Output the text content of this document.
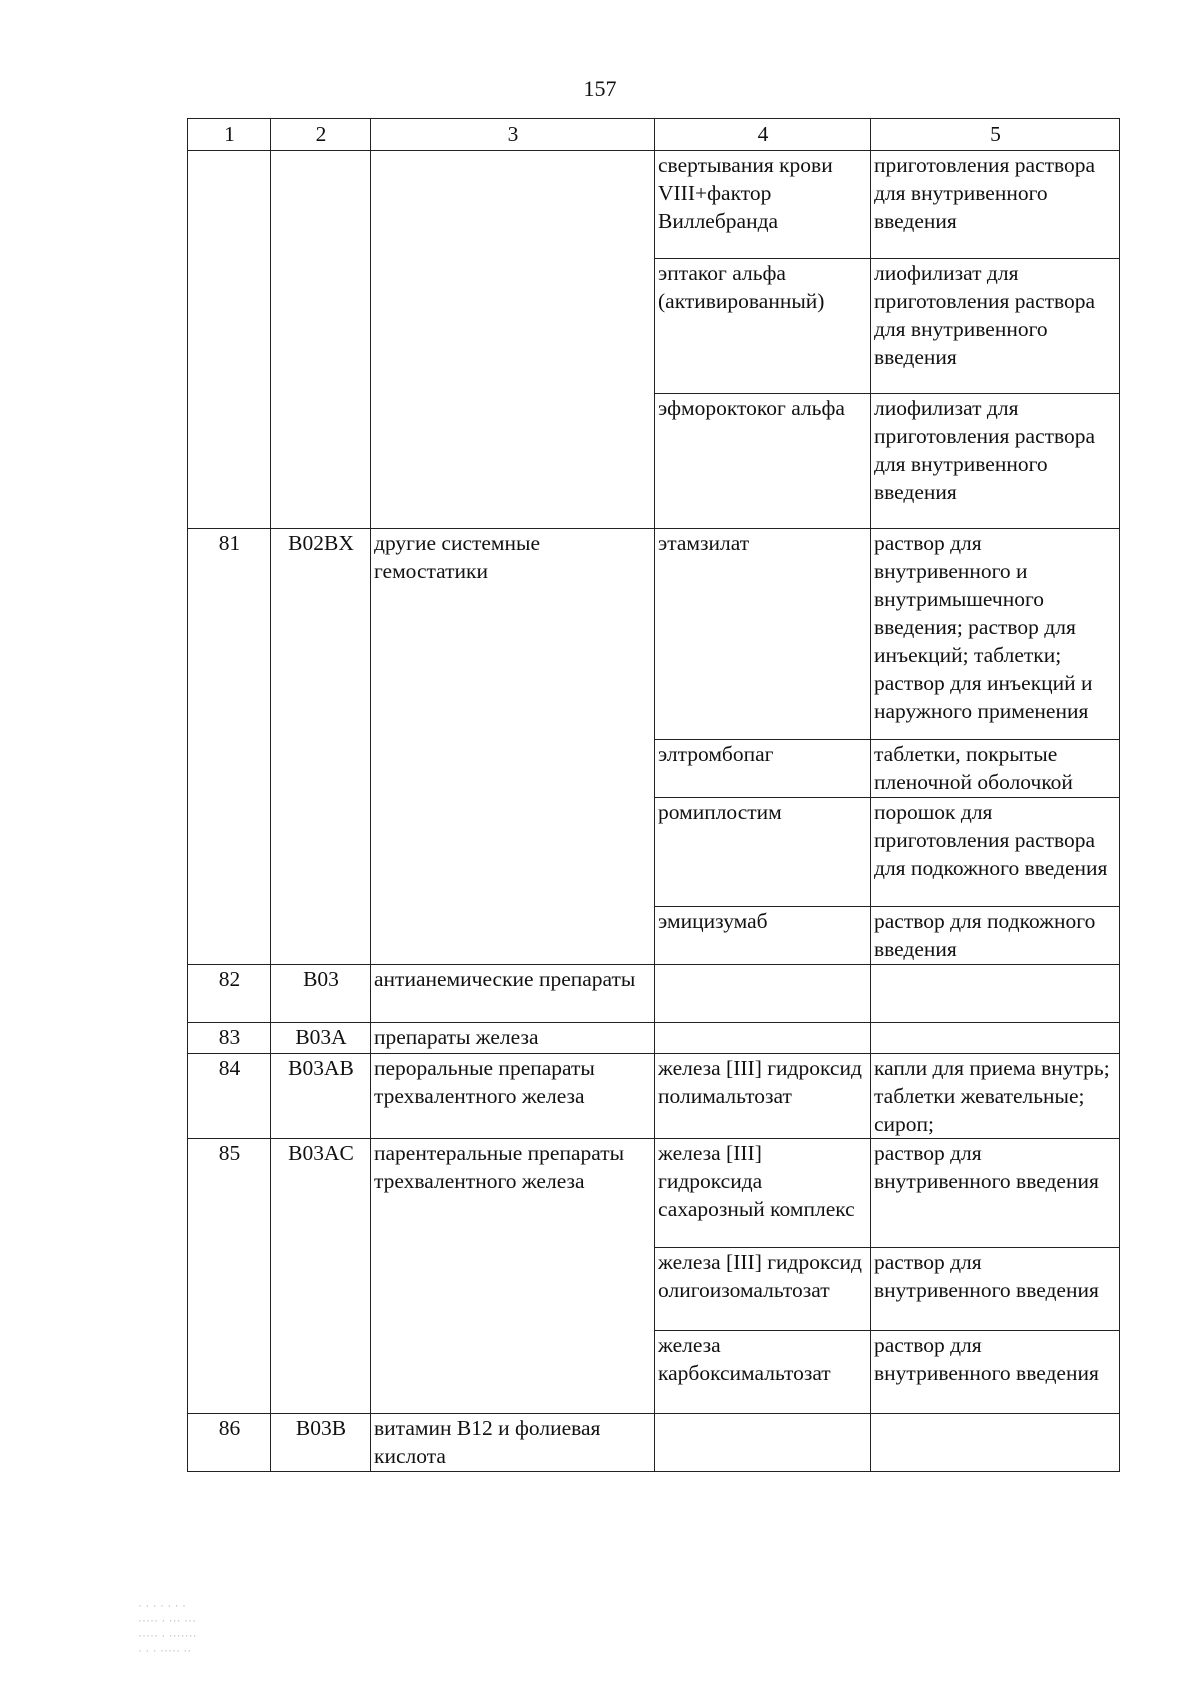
157
1	2	3	4	5
			свертывания крови VIII+фактор Виллебранда	приготовления раствора для внутривенного введения
			эптаког альфа (активированный)	лиофилизат для приготовления раствора для внутривенного введения
			эфмороктоког альфа	лиофилизат для приготовления раствора для внутривенного введения
81	B02BX	другие системные гемостатики	этамзилат	раствор для внутривенного и внутримышечного введения; раствор для инъекций; таблетки; раствор для инъекций и наружного применения
			элтромбопаг	таблетки, покрытые пленочной оболочкой
			ромиплостим	порошок для приготовления раствора для подкожного введения
			эмицизумаб	раствор для подкожного введения
82	B03	антианемические препараты		
83	B03A	препараты железа		
84	B03AB	пероральные препараты трехвалентного железа	железа [III] гидроксид полимальтозат	капли для приема внутрь; таблетки жевательные; сироп;
85	B03AC	парентеральные препараты трехвалентного железа	железа [III] гидроксида сахарозный комплекс	раствор для внутривенного введения
			железа [III] гидроксид олигоизомальтозат	раствор для внутривенного введения
			железа карбоксимальтозат	раствор для внутривенного введения
86	B03B	витамин B12 и фолиевая кислота		
· · · · · · ·
····· · ··· ···
····· · ·······
· · · ····· ··
